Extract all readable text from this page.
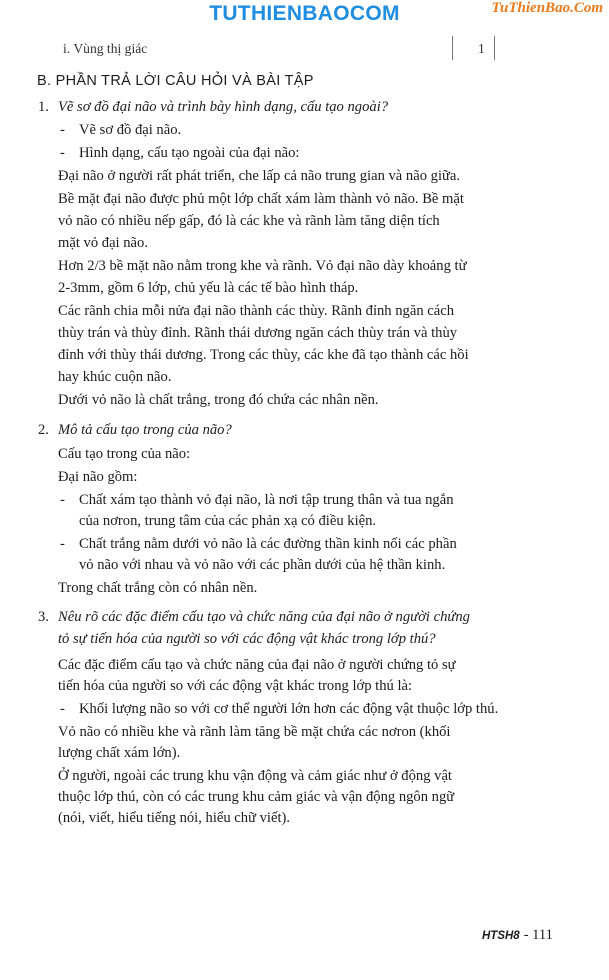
TUTHIENBAOCOM	TuThienBao.Com
i. Vùng thị giác	1
B. PHẦN TRẢ LỜI CÂU HỎI VÀ BÀI TẬP
1. Vẽ sơ đồ đại não và trình bày hình dạng, cấu tạo ngoài?
- Vẽ sơ đồ đại não.
- Hình dạng, cấu tạo ngoài của đại não:
Đại não ở người rất phát triển, che lấp cả não trung gian và não giữa.
Bề mặt đại não được phủ một lớp chất xám làm thành vỏ não. Bề mặt
vỏ não có nhiều nếp gấp, đó là các khe và rãnh làm tăng diện tích
mặt vỏ đại não.
Hơn 2/3 bề mặt não nằm trong khe và rãnh. Vỏ đại não dày khoảng từ
2-3mm, gồm 6 lớp, chủ yếu là các tế bào hình tháp.
Các rãnh chia mỗi nửa đại não thành các thùy. Rãnh đỉnh ngăn cách
thùy trán và thùy đỉnh. Rãnh thái dương ngăn cách thùy trán và thùy
đỉnh với thùy thái dương. Trong các thùy, các khe đã tạo thành các hồi
hay khúc cuộn não.
Dưới vỏ não là chất trắng, trong đó chứa các nhân nền.
2. Mô tả cấu tạo trong của não?
Cấu tạo trong của não:
Đại não gồm:
- Chất xám tạo thành vỏ đại não, là nơi tập trung thân và tua ngắn
của nơron, trung tâm của các phản xạ có điều kiện.
- Chất trắng nằm dưới vỏ não là các đường thần kinh nối các phần
vỏ não với nhau và vỏ não với các phần dưới của hệ thần kinh.
Trong chất trắng còn có nhân nền.
3. Nêu rõ các đặc điểm cấu tạo và chức năng của đại não ở người chứng
tỏ sự tiến hóa của người so với các động vật khác trong lớp thú?
Các đặc điểm cấu tạo và chức năng của đại não ở người chứng tỏ sự
tiến hóa của người so với các động vật khác trong lớp thú là:
- Khối lượng não so với cơ thể người lớn hơn các động vật thuộc lớp thú.
Vỏ não có nhiều khe và rãnh làm tăng bề mặt chứa các nơron (khối
lượng chất xám lớn).
Ở người, ngoài các trung khu vận động và cảm giác như ở động vật
thuộc lớp thú, còn có các trung khu cảm giác và vận động ngôn ngữ
(nói, viết, hiểu tiếng nói, hiểu chữ viết).
HTSH8 - 111
